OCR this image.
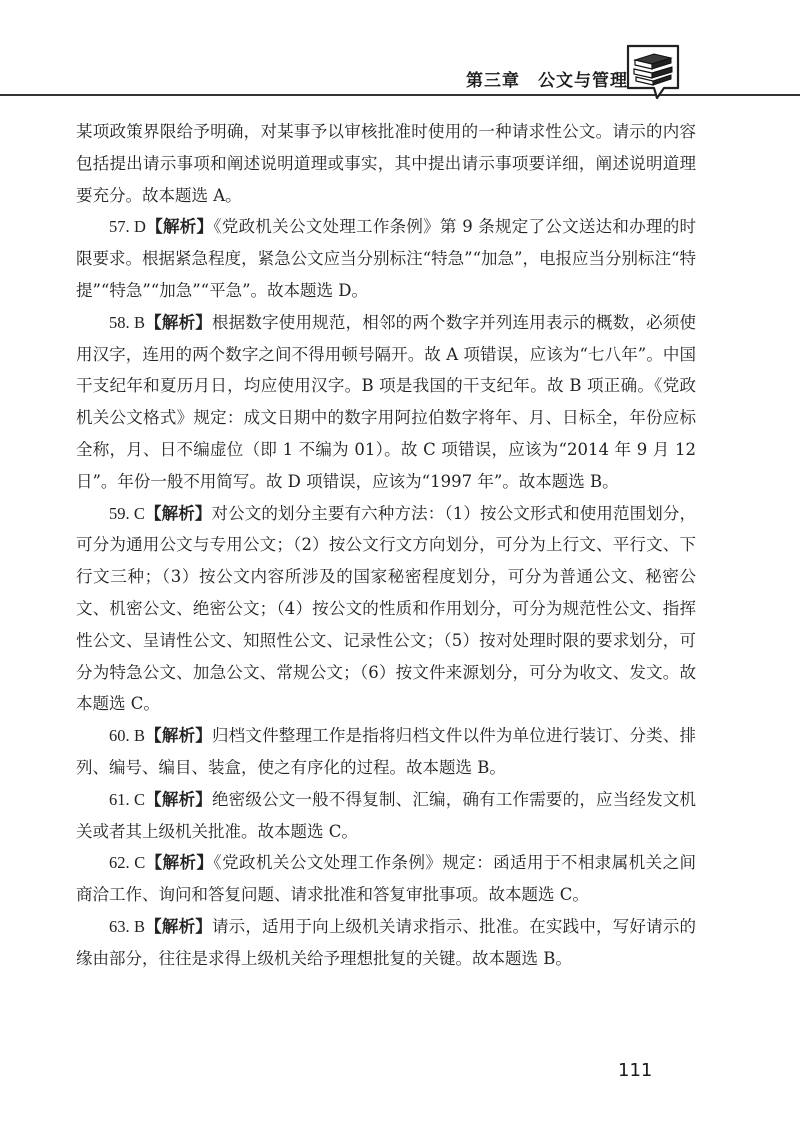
第三章　公文与管理

某项政策界限给予明确，对某事予以审核批准时使用的一种请求性公文。请示的内容包括提出请示事项和阐述说明道理或事实，其中提出请示事项要详细，阐述说明道理要充分。故本题选 A。

57. D【解析】《党政机关公文处理工作条例》第 9 条规定了公文送达和办理的时限要求。根据紧急程度，紧急公文应当分别标注“特急”“加急”，电报应当分别标注“特提”“特急”“加急”“平急”。故本题选 D。

58. B【解析】根据数字使用规范，相邻的两个数字并列连用表示的概数，必须使用汉字，连用的两个数字之间不得用顿号隔开。故 A 项错误，应该为“七八年”。中国干支纪年和夏历月日，均应使用汉字。B 项是我国的干支纪年。故 B 项正确。《党政机关公文格式》规定：成文日期中的数字用阿拉伯数字将年、月、日标全，年份应标全称，月、日不编虚位（即 1 不编为 01）。故 C 项错误，应该为“2014 年 9 月 12 日”。年份一般不用简写。故 D 项错误，应该为“1997 年”。故本题选 B。

59. C【解析】对公文的划分主要有六种方法：（1）按公文形式和使用范围划分，可分为通用公文与专用公文；（2）按公文行文方向划分，可分为上行文、平行文、下行文三种；（3）按公文内容所涉及的国家秘密程度划分，可分为普通公文、秘密公文、机密公文、绝密公文；（4）按公文的性质和作用划分，可分为规范性公文、指挥性公文、呈请性公文、知照性公文、记录性公文；（5）按对处理时限的要求划分，可分为特急公文、加急公文、常规公文；（6）按文件来源划分，可分为收文、发文。故本题选 C。

60. B【解析】归档文件整理工作是指将归档文件以件为单位进行装订、分类、排列、编号、编目、装盒，使之有序化的过程。故本题选 B。

61. C【解析】绝密级公文一般不得复制、汇编，确有工作需要的，应当经发文机关或者其上级机关批准。故本题选 C。

62. C【解析】《党政机关公文处理工作条例》规定：函适用于不相隶属机关之间商洽工作、询问和答复问题、请求批准和答复审批事项。故本题选 C。

63. B【解析】请示，适用于向上级机关请求指示、批准。在实践中，写好请示的缘由部分，往往是求得上级机关给予理想批复的关键。故本题选 B。

111
